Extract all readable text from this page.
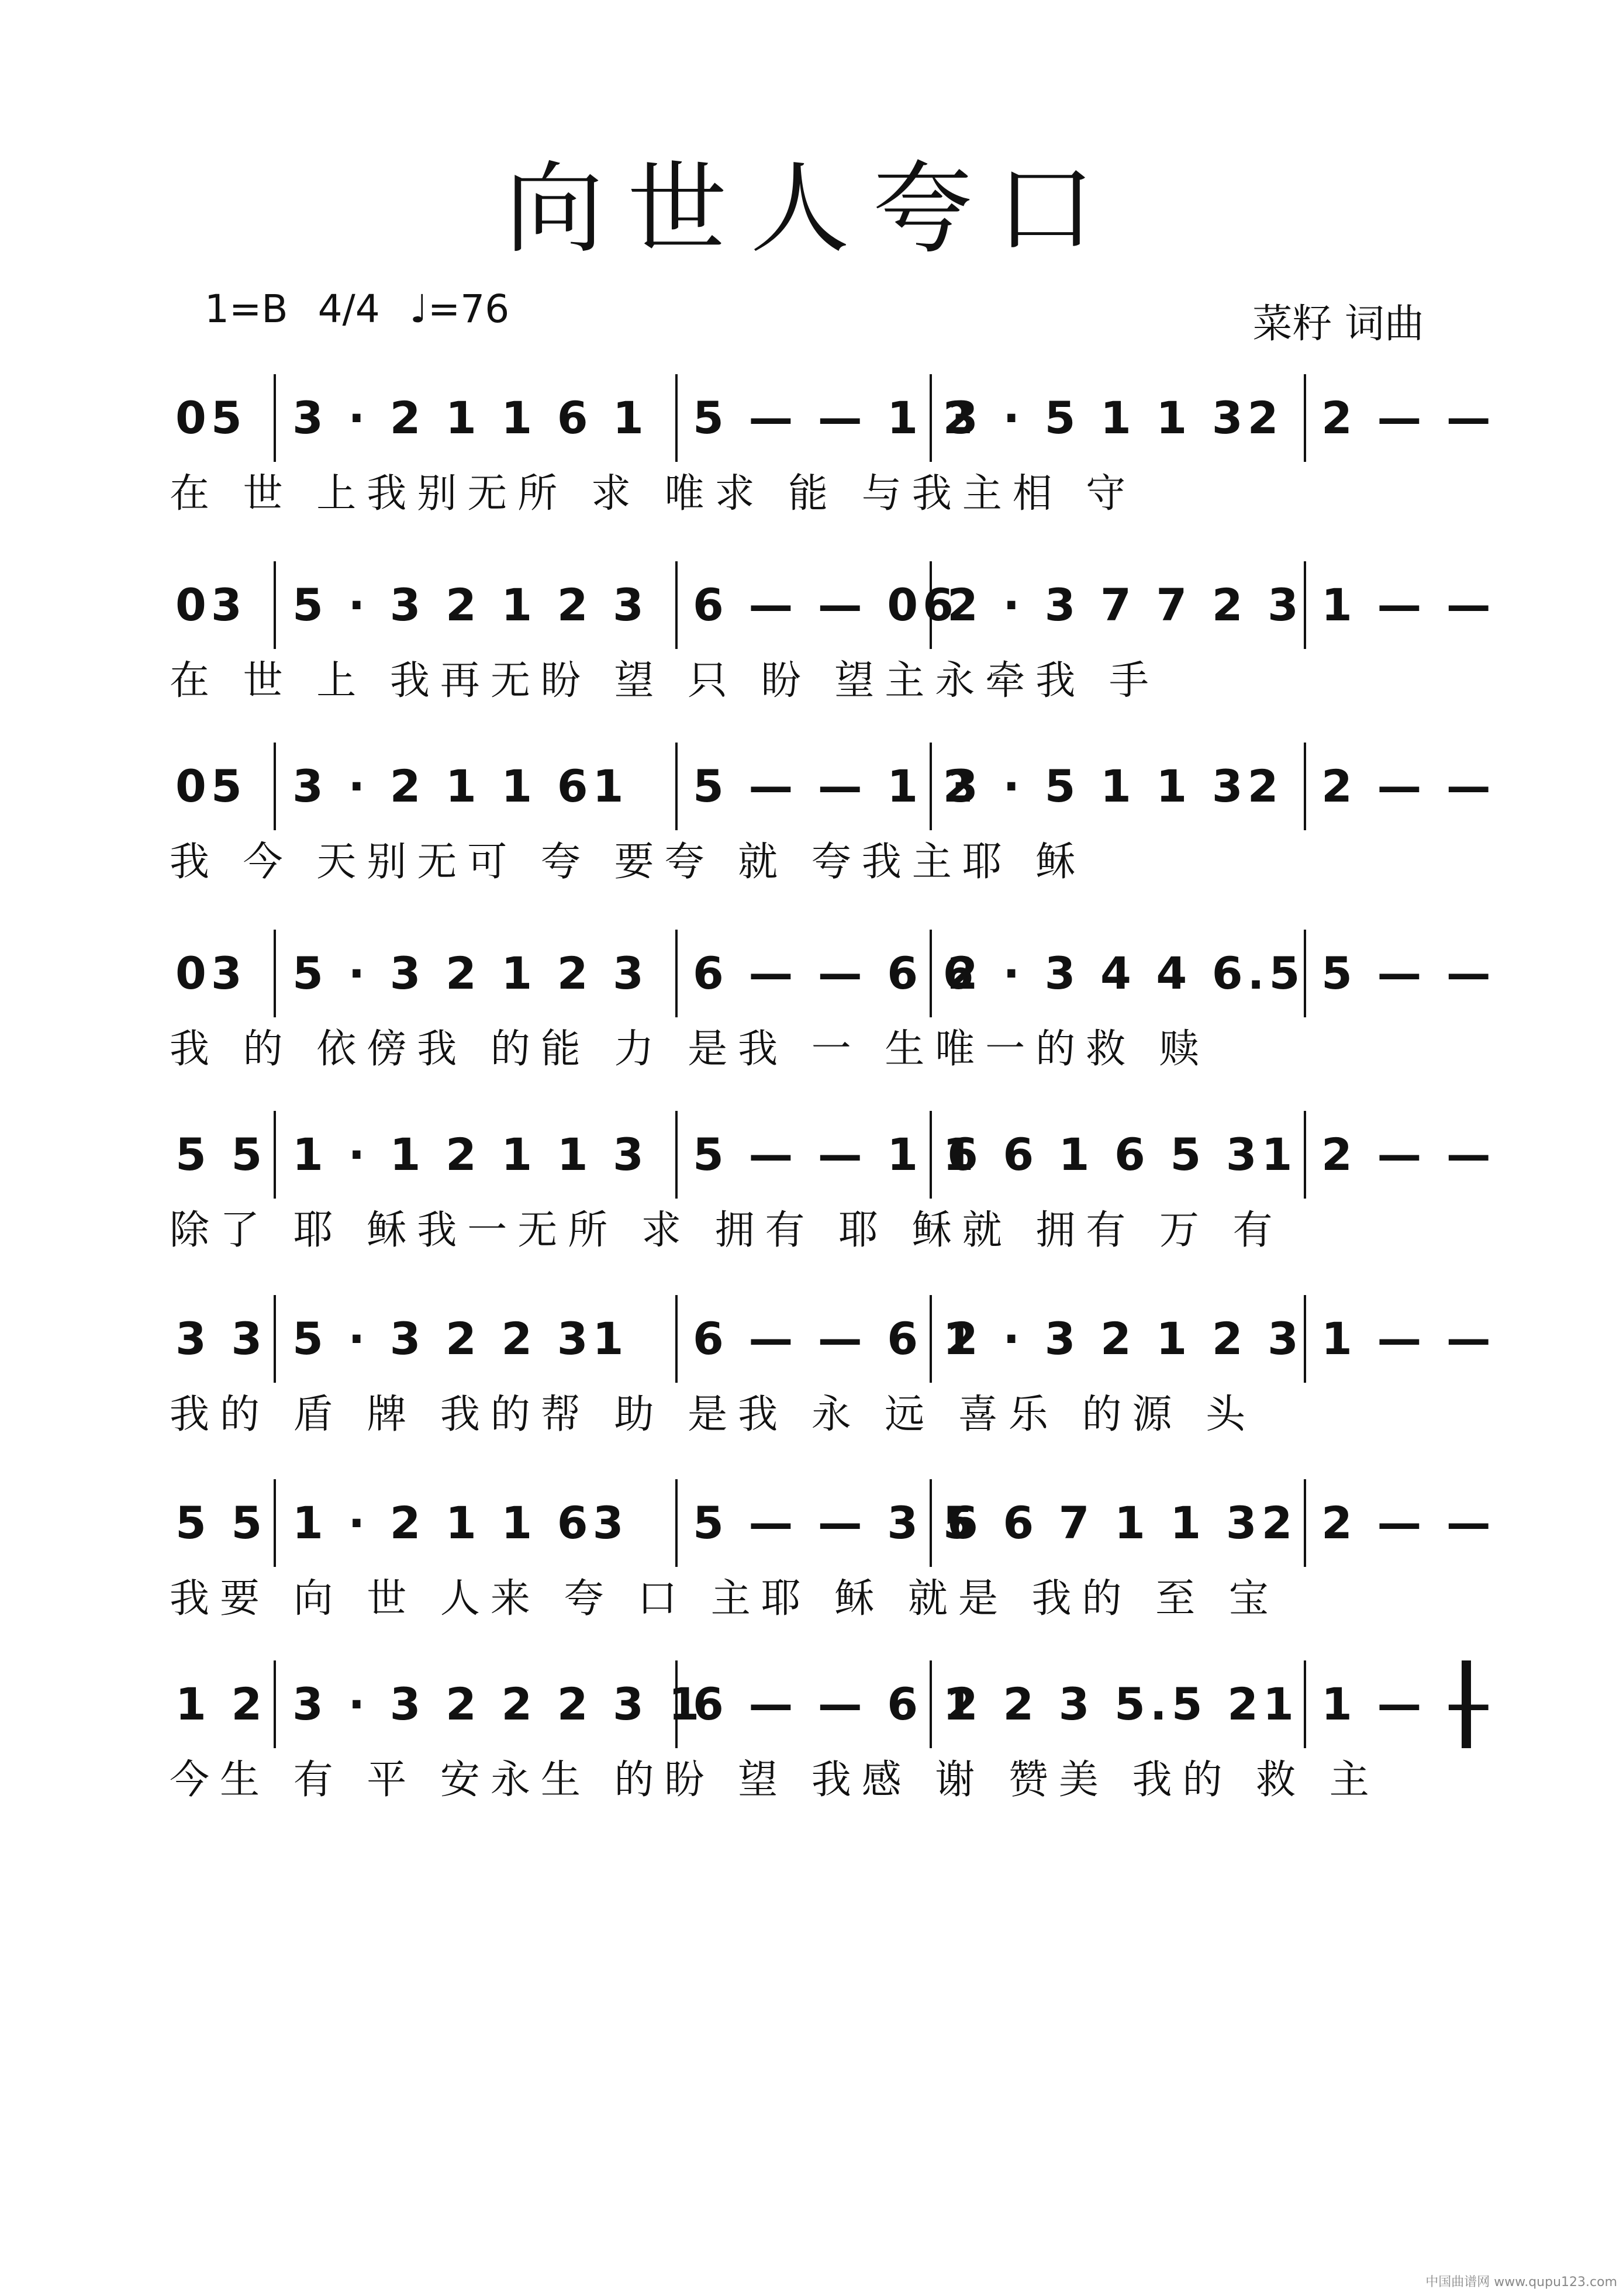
向世人夸口
1=B 4/4 ♩=76	菜籽 词曲
05 3 · 2 1 1 6 1 5 — — 1 2
3 · 5 1 1 32 2 — —
在 世 上我别无所 求 唯求 能 与我主相 守
03 5 · 3 2 1 2 3 6 — — 06
2 · 3 7 7 2 3 1 — —
在 世 上 我再无盼 望 只 盼 望主永牵我 手
05 3 · 2 1 1 61 5 — — 1 2
3 · 5 1 1 32 2 — —
我 今 天别无可 夸 要夸 就 夸我主耶 稣
03 5 · 3 2 1 2 3 6 — — 6 6
2 · 3 4 4 6.5 5 — —
我 的 依傍我 的能 力 是我 一 生唯一的救 赎
5 5 1 · 1 2 1 1 3 5 — — 1 1
6 6 1 6 5 31 2 — —
除了 耶 稣我一无所 求 拥有 耶 稣就 拥有 万 有
3 3 5 · 3 2 2 31 6 — — 6 1
2 · 3 2 1 2 3 1 — —
我的 盾 牌 我的帮 助 是我 永 远 喜乐 的源 头
5 5 1 · 2 1 1 63 5 — — 3 5
6 6 7 1 1 32 2 — —
我要 向 世 人来 夸 口 主耶 稣 就是 我的 至 宝
1 2 3 · 3 2 2 2 3 1
6 — — 6 1
2 2 3 5.5 21 1 — —
今生 有 平 安永生 的盼 望 我感 谢 赞美 我的 救 主
中国曲谱网 www.qupu123.com
